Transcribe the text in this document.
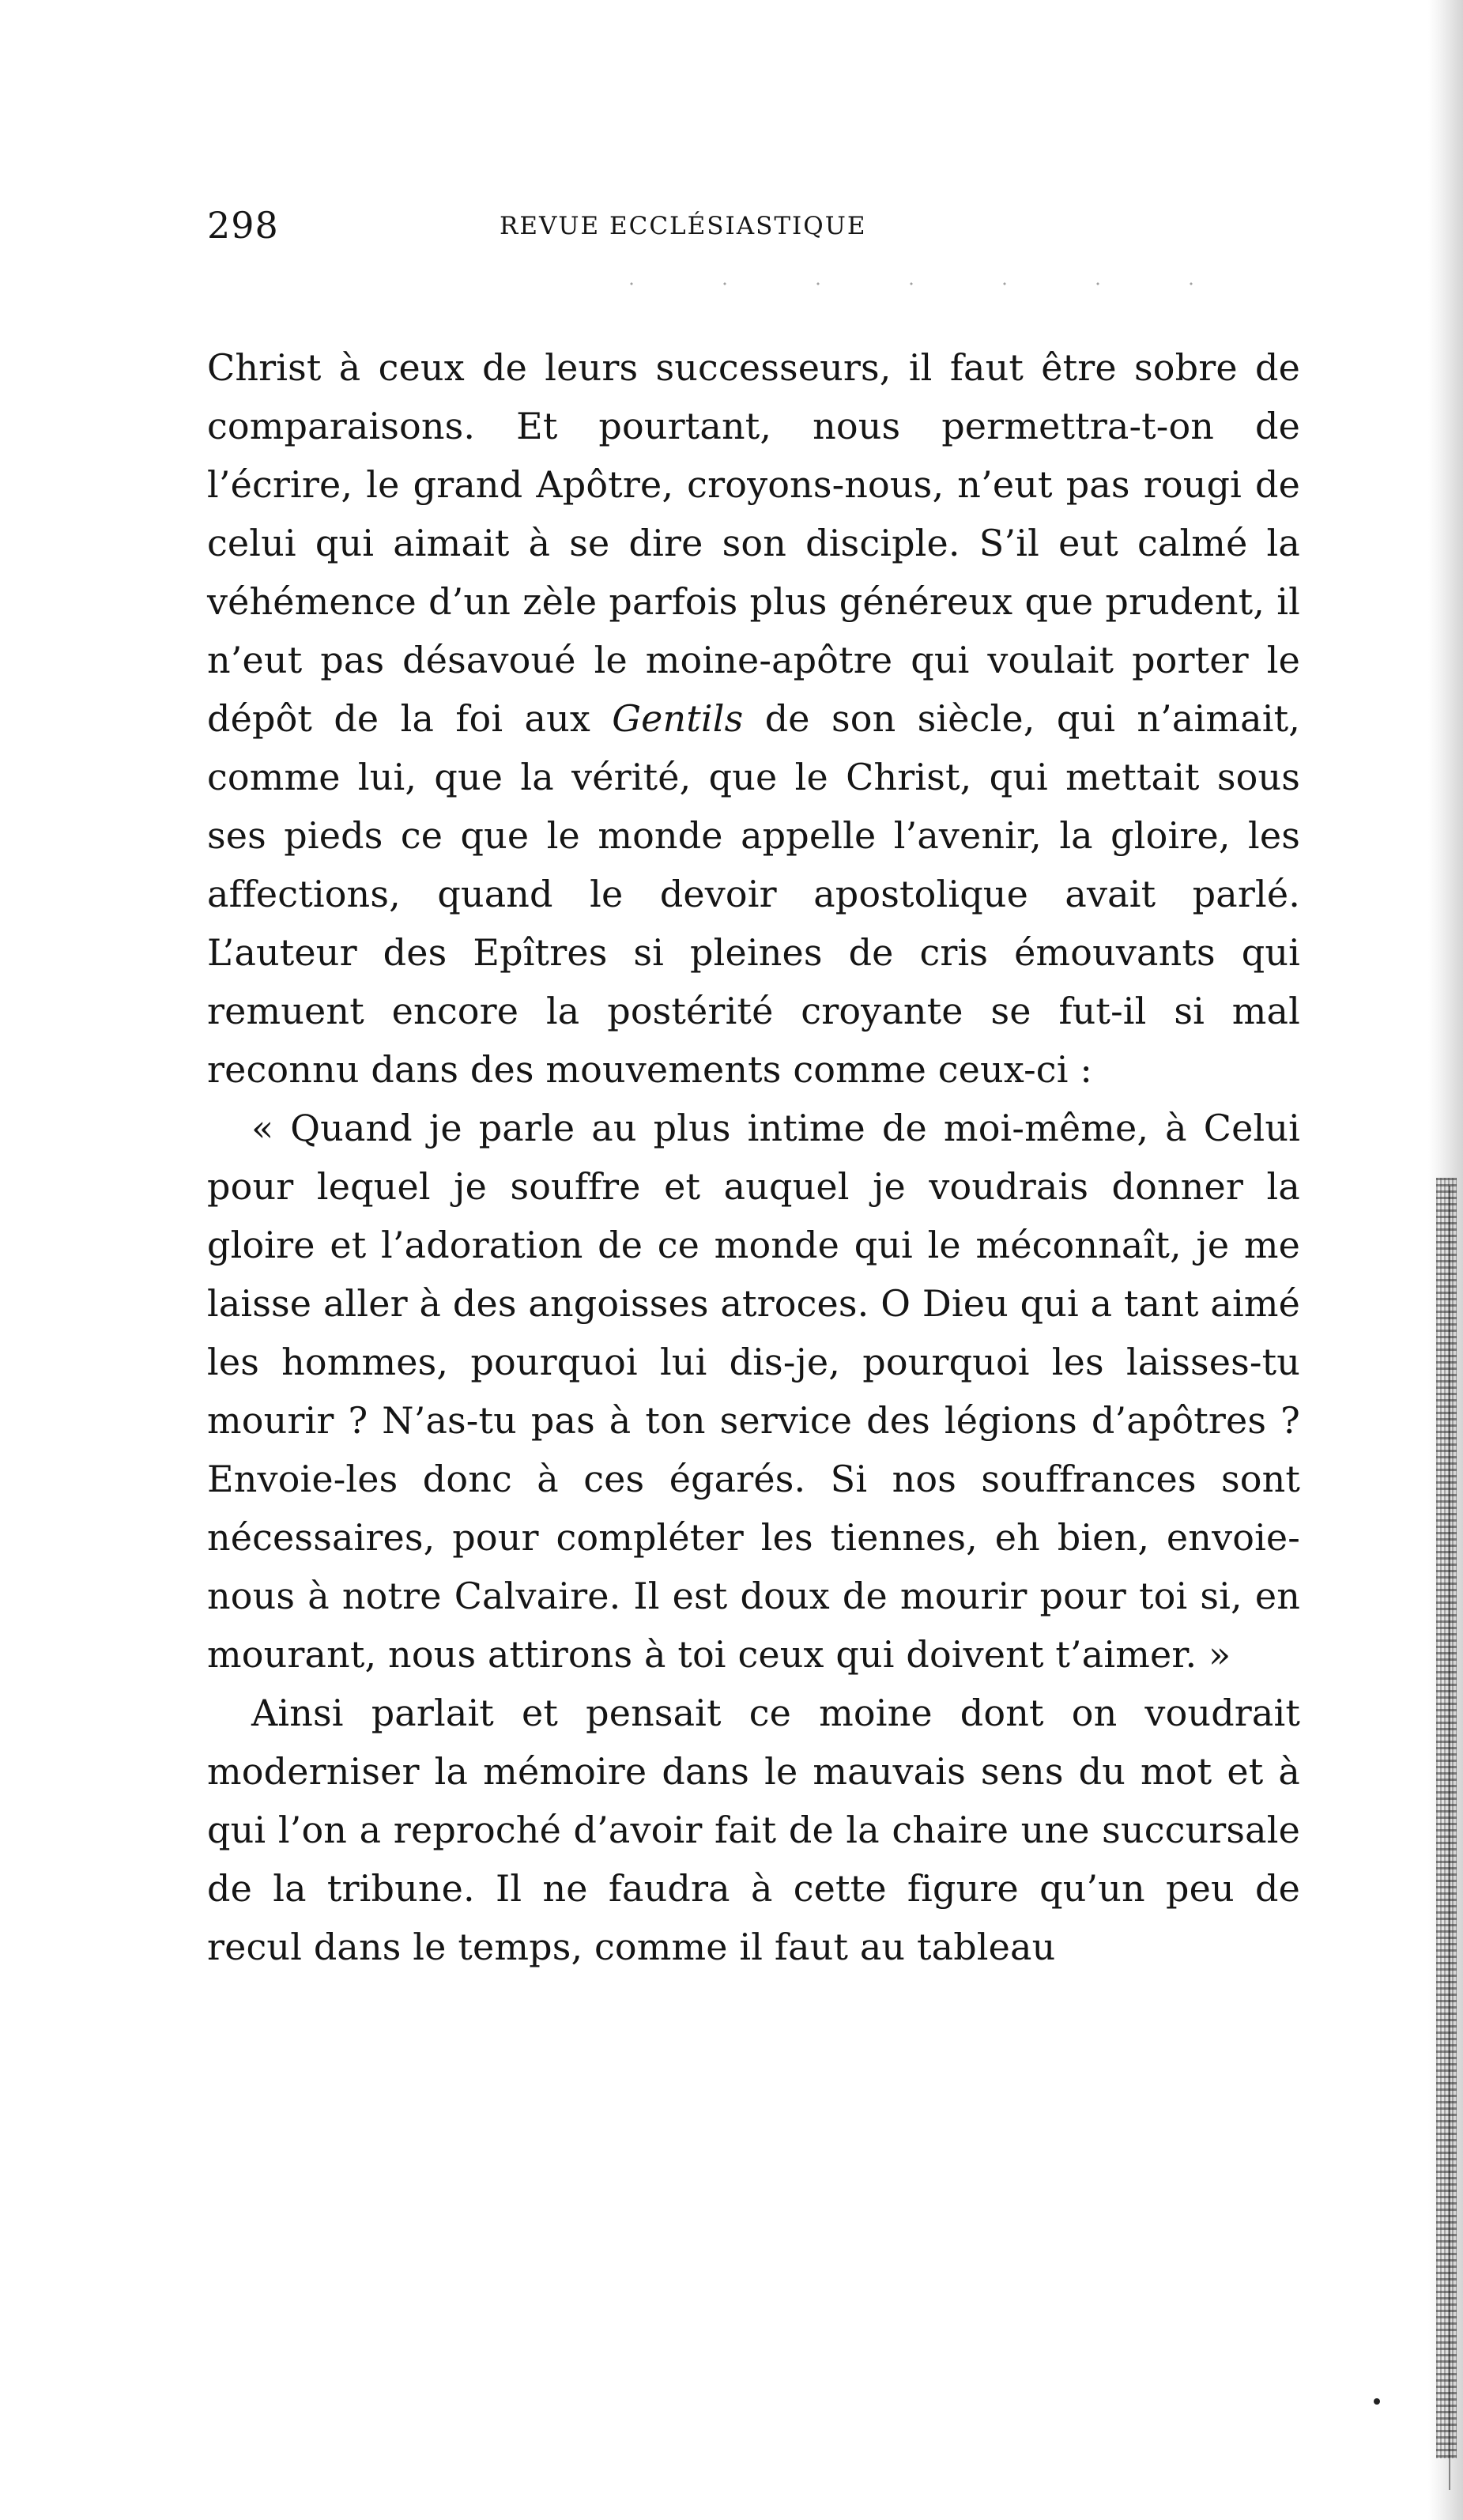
298	REVUE ECCLÉSIASTIQUE

Christ à ceux de leurs successeurs, il faut être sobre de comparaisons. Et pourtant, nous permettra-t-on de l’écrire, le grand Apôtre, croyons-nous, n’eut pas rougi de celui qui aimait à se dire son disciple. S’il eut calmé la véhémence d’un zèle parfois plus généreux que prudent, il n’eut pas désavoué le moine-apôtre qui voulait porter le dépôt de la foi aux Gentils de son siècle, qui n’aimait, comme lui, que la vérité, que le Christ, qui mettait sous ses pieds ce que le monde appelle l’avenir, la gloire, les affections, quand le devoir apostolique avait parlé. L’auteur des Epîtres si pleines de cris émouvants qui remuent encore la postérité croyante se fut-il si mal reconnu dans des mouvements comme ceux-ci :

« Quand je parle au plus intime de moi-même, à Celui pour lequel je souffre et auquel je voudrais donner la gloire et l’adoration de ce monde qui le méconnaît, je me laisse aller à des angoisses atroces. O Dieu qui a tant aimé les hommes, pourquoi lui dis-je, pourquoi les laisses-tu mourir ? N’as-tu pas à ton service des légions d’apôtres ? Envoie-les donc à ces égarés. Si nos souffrances sont nécessaires, pour compléter les tiennes, eh bien, envoie-nous à notre Calvaire. Il est doux de mourir pour toi si, en mourant, nous attirons à toi ceux qui doivent t’aimer. »

Ainsi parlait et pensait ce moine dont on voudrait moderniser la mémoire dans le mauvais sens du mot et à qui l’on a reproché d’avoir fait de la chaire une succursale de la tribune. Il ne faudra à cette figure qu’un peu de recul dans le temps, comme il faut au tableau
